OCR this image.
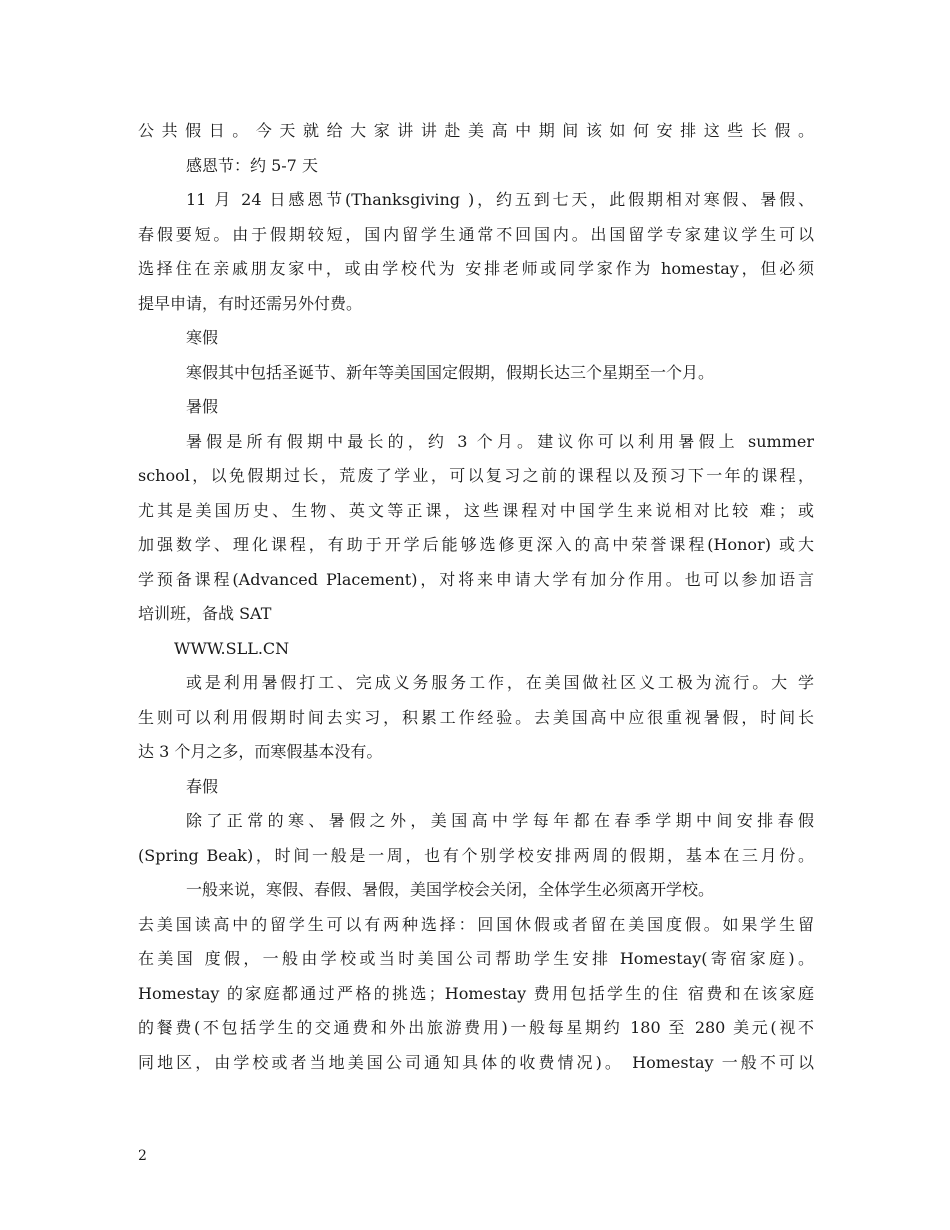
公共假日。今天就给大家讲讲赴美高中期间该如何安排这些长假。
感恩节：约 5-7 天
11 月 24 日感恩节(Thanksgiving )，约五到七天，此假期相对寒假、暑假、
春假要短。由于假期较短，国内留学生通常不回国内。出国留学专家建议学生可以
选择住在亲戚朋友家中，或由学校代为 安排老师或同学家作为 homestay，但必须
提早申请，有时还需另外付费。
寒假
寒假其中包括圣诞节、新年等美国国定假期，假期长达三个星期至一个月。
暑假
暑假是所有假期中最长的，约 3 个月。建议你可以利用暑假上 summer
school，以免假期过长，荒废了学业，可以复习之前的课程以及预习下一年的课程，
尤其是美国历史、生物、英文等正课，这些课程对中国学生来说相对比较 难；或
加强数学、理化课程，有助于开学后能够选修更深入的高中荣誉课程(Honor) 或大
学预备课程(Advanced Placement)，对将来申请大学有加分作用。也可以参加语言
培训班，备战 SAT
WWW.SLL.CN
或是利用暑假打工、完成义务服务工作，在美国做社区义工极为流行。大 学
生则可以利用假期时间去实习，积累工作经验。去美国高中应很重视暑假，时间长
达 3 个月之多，而寒假基本没有。
春假
除了正常的寒、暑假之外，美国高中学每年都在春季学期中间安排春假
(Spring Beak)，时间一般是一周，也有个别学校安排两周的假期，基本在三月份。
一般来说，寒假、春假、暑假，美国学校会关闭，全体学生必须离开学校。
去美国读高中的留学生可以有两种选择：回国休假或者留在美国度假。如果学生留
在美国 度假，一般由学校或当时美国公司帮助学生安排 Homestay(寄宿家庭)。
Homestay 的家庭都通过严格的挑选；Homestay 费用包括学生的住 宿费和在该家庭
的餐费(不包括学生的交通费和外出旅游费用)一般每星期约 180 至 280 美元(视不
同地区，由学校或者当地美国公司通知具体的收费情况)。 Homestay 一般不可以
2
